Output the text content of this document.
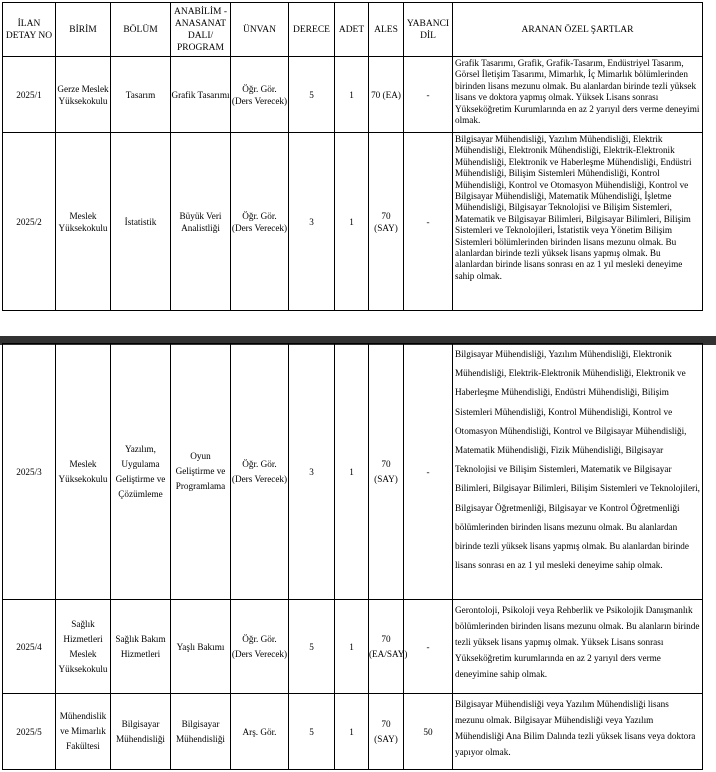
İLAN DETAY NO	BİRİM	BÖLÜM	ANABİLİM - ANASANAT DALI/ PROGRAM	ÜNVAN	DERECE	ADET	ALES	YABANCI DİL	ARANAN ÖZEL ŞARTLAR
2025/1	Gerze Meslek Yüksekokulu	Tasarım	Grafik Tasarımı	Öğr. Gör. (Ders Verecek)	5	1	70 (EA)	-	Grafik Tasarımı, Grafik, Grafik-Tasarım, Endüstriyel Tasarım, Görsel İletişim Tasarımı, Mimarlık, İç Mimarlık bölümlerinden birinden lisans mezunu olmak. Bu alanlardan birinde tezli yüksek lisans ve doktora yapmış olmak. Yüksek Lisans sonrası Yükseköğretim Kurumlarında en az 2 yarıyıl ders verme deneyimi olmak.
2025/2	Meslek Yüksekokulu	İstatistik	Büyük Veri Analistliği	Öğr. Gör. (Ders Verecek)	3	1	70 (SAY)	-	Bilgisayar Mühendisliği, Yazılım Mühendisliği, Elektrik Mühendisliği, Elektronik Mühendisliği, Elektrik-Elektronik Mühendisliği, Elektronik ve Haberleşme Mühendisliği, Endüstri Mühendisliği, Bilişim Sistemleri Mühendisliği, Kontrol Mühendisliği, Kontrol ve Otomasyon Mühendisliği, Kontrol ve Bilgisayar Mühendisliği, Matematik Mühendisliği, İşletme Mühendisliği, Bilgisayar Teknolojisi ve Bilişim Sistemleri, Matematik ve Bilgisayar Bilimleri, Bilgisayar Bilimleri, Bilişim Sistemleri ve Teknolojileri, İstatistik veya Yönetim Bilişim Sistemleri bölümlerinden birinden lisans mezunu olmak. Bu alanlardan birinde tezli yüksek lisans yapmış olmak. Bu alanlardan birinde lisans sonrası en az 1 yıl mesleki deneyime sahip olmak.
2025/3	Meslek Yüksekokulu	Yazılım, Uygulama Geliştirme ve Çözümleme	Oyun Geliştirme ve Programlama	Öğr. Gör. (Ders Verecek)	3	1	70 (SAY)	-	Bilgisayar Mühendisliği, Yazılım Mühendisliği, Elektronik Mühendisliği, Elektrik-Elektronik Mühendisliği, Elektronik ve Haberleşme Mühendisliği, Endüstri Mühendisliği, Bilişim Sistemleri Mühendisliği, Kontrol Mühendisliği, Kontrol ve Otomasyon Mühendisliği, Kontrol ve Bilgisayar Mühendisliği, Matematik Mühendisliği, Fizik Mühendisliği, Bilgisayar Teknolojisi ve Bilişim Sistemleri, Matematik ve Bilgisayar Bilimleri, Bilgisayar Bilimleri, Bilişim Sistemleri ve Teknolojileri, Bilgisayar Öğretmenliği, Bilgisayar ve Kontrol Öğretmenliği bölümlerinden birinden lisans mezunu olmak. Bu alanlardan birinde tezli yüksek lisans yapmış olmak. Bu alanlardan birinde lisans sonrası en az 1 yıl mesleki deneyime sahip olmak.
2025/4	Sağlık Hizmetleri Meslek Yüksekokulu	Sağlık Bakım Hizmetleri	Yaşlı Bakımı	Öğr. Gör. (Ders Verecek)	5	1	70 (EA/SAY)	-	Gerontoloji, Psikoloji veya Rehberlik ve Psikolojik Danışmanlık bölümlerinden birinden lisans mezunu olmak. Bu alanların birinde tezli yüksek lisans yapmış olmak. Yüksek Lisans sonrası Yükseköğretim kurumlarında en az 2 yarıyıl ders verme deneyimine sahip olmak.
2025/5	Mühendislik ve Mimarlık Fakültesi	Bilgisayar Mühendisliği	Bilgisayar Mühendisliği	Arş. Gör.	5	1	70 (SAY)	50	Bilgisayar Mühendisliği veya Yazılım Mühendisliği lisans mezunu olmak. Bilgisayar Mühendisliği veya Yazılım Mühendisliği Ana Bilim Dalında tezli yüksek lisans veya doktora yapıyor olmak.
